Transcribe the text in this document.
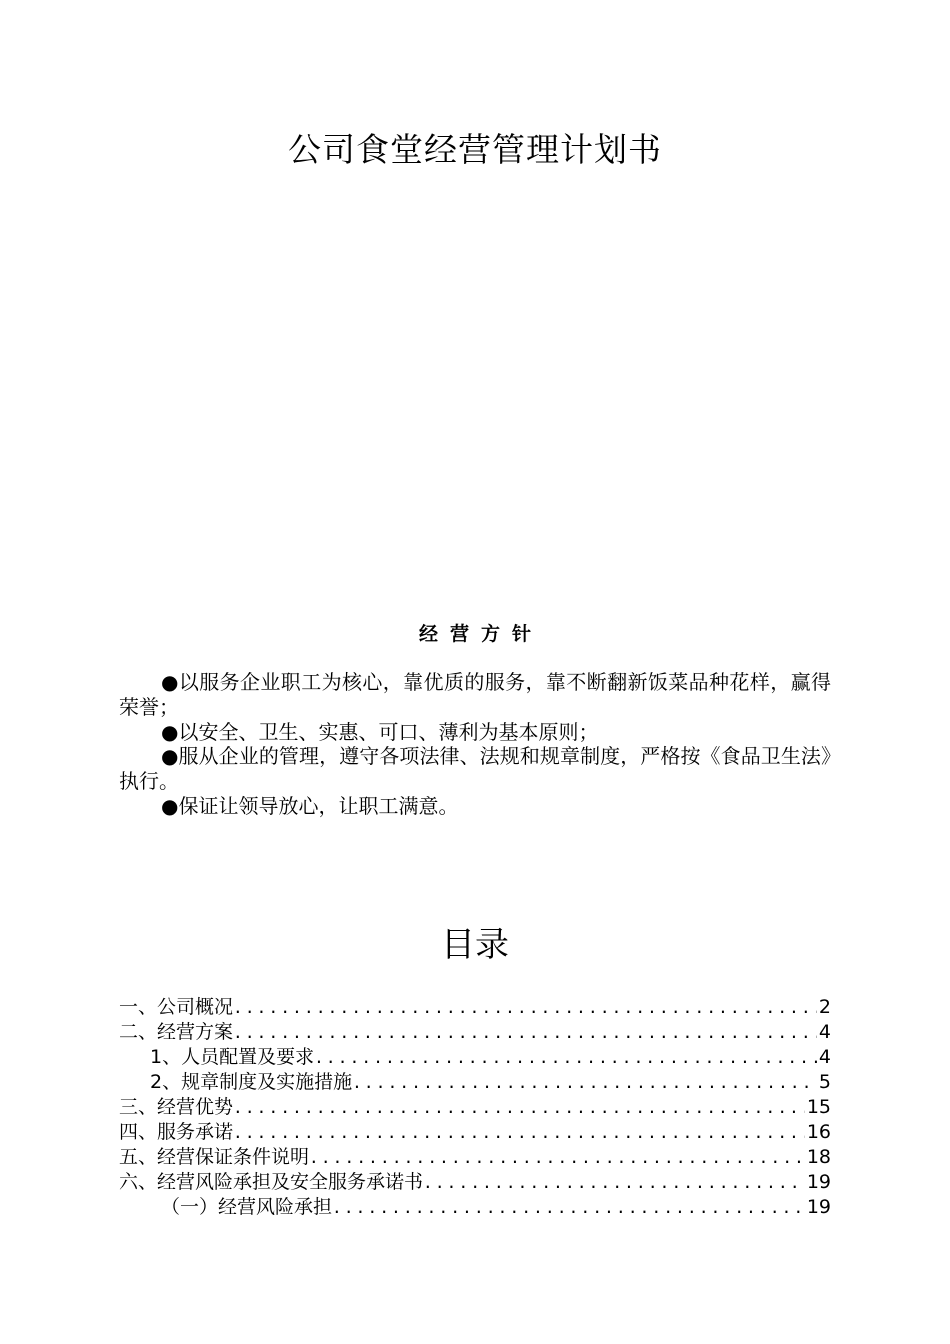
公司食堂经营管理计划书
经营方针

●以服务企业职工为核心，靠优质的服务，靠不断翻新饭菜品种花样，赢得荣誉；

●以安全、卫生、实惠、可口、薄利为基本原则；

●服从企业的管理，遵守各项法律、法规和规章制度，严格按《食品卫生法》执行。

●保证让领导放心，让职工满意。

目录
一、公司概况 .....	2
二、经营方案 .....	4
1、人员配置及要求 .....	4
2、规章制度及实施措施 .....	5
三、经营优势 .....	15
四、服务承诺 .....	16
五、经营保证条件说明 .....	18
六、经营风险承担及安全服务承诺书 .....	19
（一）经营风险承担 .....	19
